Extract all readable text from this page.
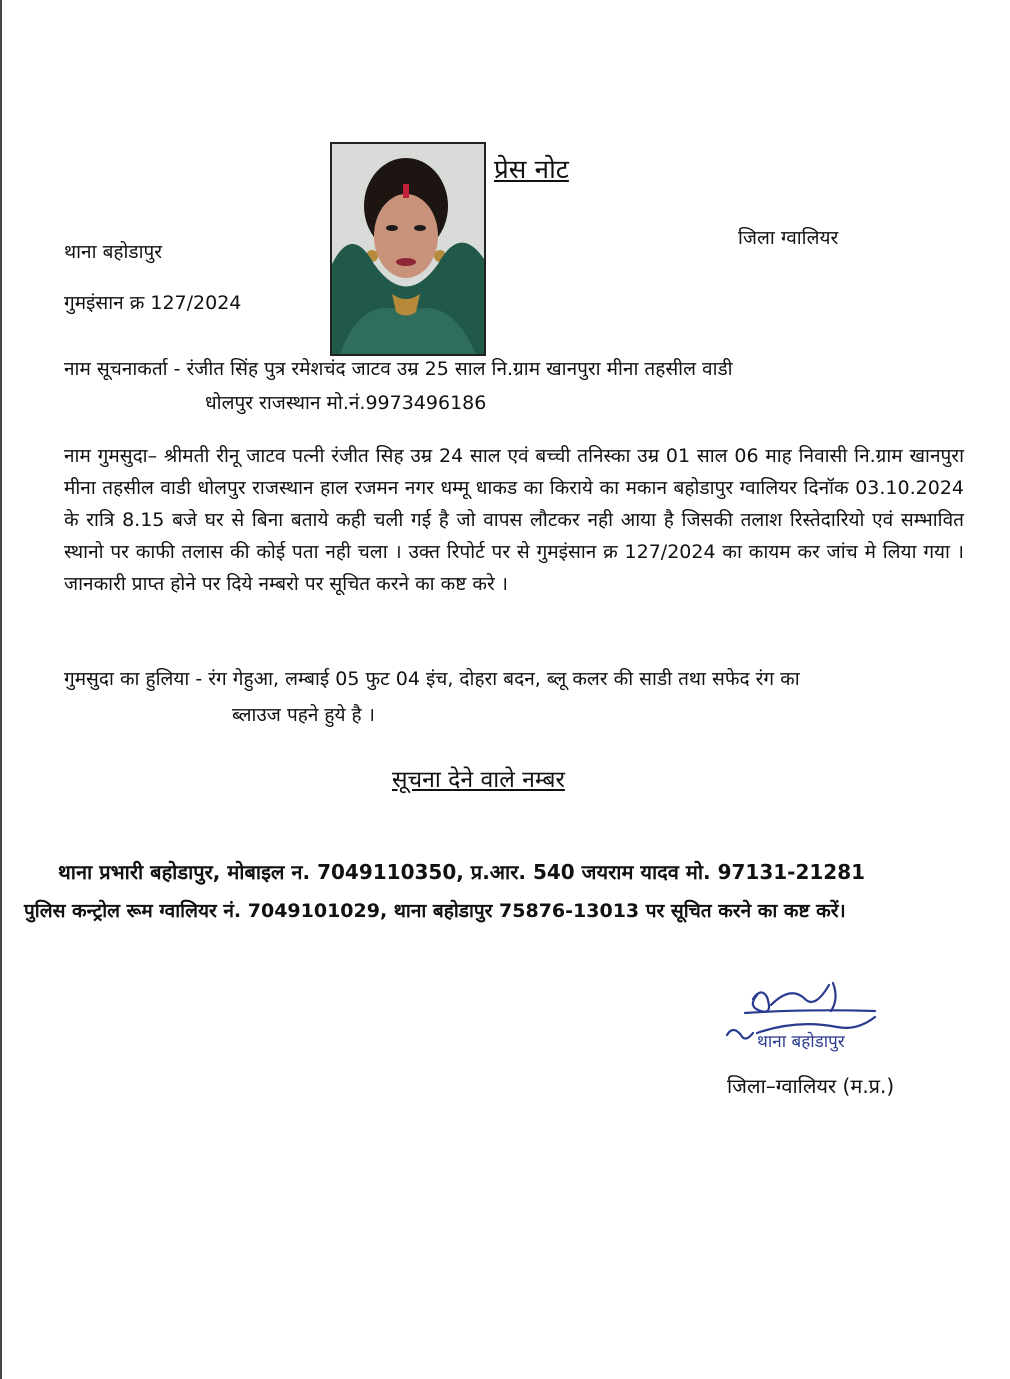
प्रेस नोट
जिला ग्वालियर
थाना बहोडापुर
गुमइंसान क्र 127/2024
नाम सूचनाकर्ता - रंजीत सिंह पुत्र रमेशचंद जाटव उम्र 25 साल नि.ग्राम खानपुरा मीना तहसील वाडी
धोलपुर राजस्थान मो.नं.9973496186
नाम गुमसुदा– श्रीमती रीनू जाटव पत्नी रंजीत सिह उम्र 24 साल एवं बच्ची तनिस्का उम्र 01 साल 06 माह निवासी नि.ग्राम खानपुरा मीना तहसील वाडी धोलपुर राजस्थान हाल रजमन नगर धम्मू धाकड का किराये का मकान बहोडापुर ग्वालियर दिनॉक 03.10.2024 के रात्रि 8.15 बजे घर से बिना बताये कही चली गई है जो वापस लौटकर नही आया है जिसकी तलाश रिस्तेदारियो एवं सम्भावित स्थानो पर काफी तलास की कोई पता नही चला । उक्त रिपोर्ट पर से गुमइंसान क्र 127/2024 का कायम कर जांच मे लिया गया । जानकारी प्राप्त होने पर दिये नम्बरो पर सूचित करने का कष्ट करे ।
गुमसुदा का हुलिया - रंग गेहुआ, लम्बाई 05 फुट 04 इंच, दोहरा बदन, ब्लू कलर की साडी तथा सफेद रंग का
ब्लाउज पहने हुये है ।
सूचना देने वाले नम्बर
थाना प्रभारी बहोडापुर, मोबाइल न. 7049110350, प्र.आर. 540 जयराम यादव मो. 97131-21281
पुलिस कन्ट्रोल रूम ग्वालियर नं. 7049101029, थाना बहोडापुर 75876-13013 पर सूचित करने का कष्ट करें।
थाना बहोडापुर
जिला–ग्वालियर (म.प्र.)
